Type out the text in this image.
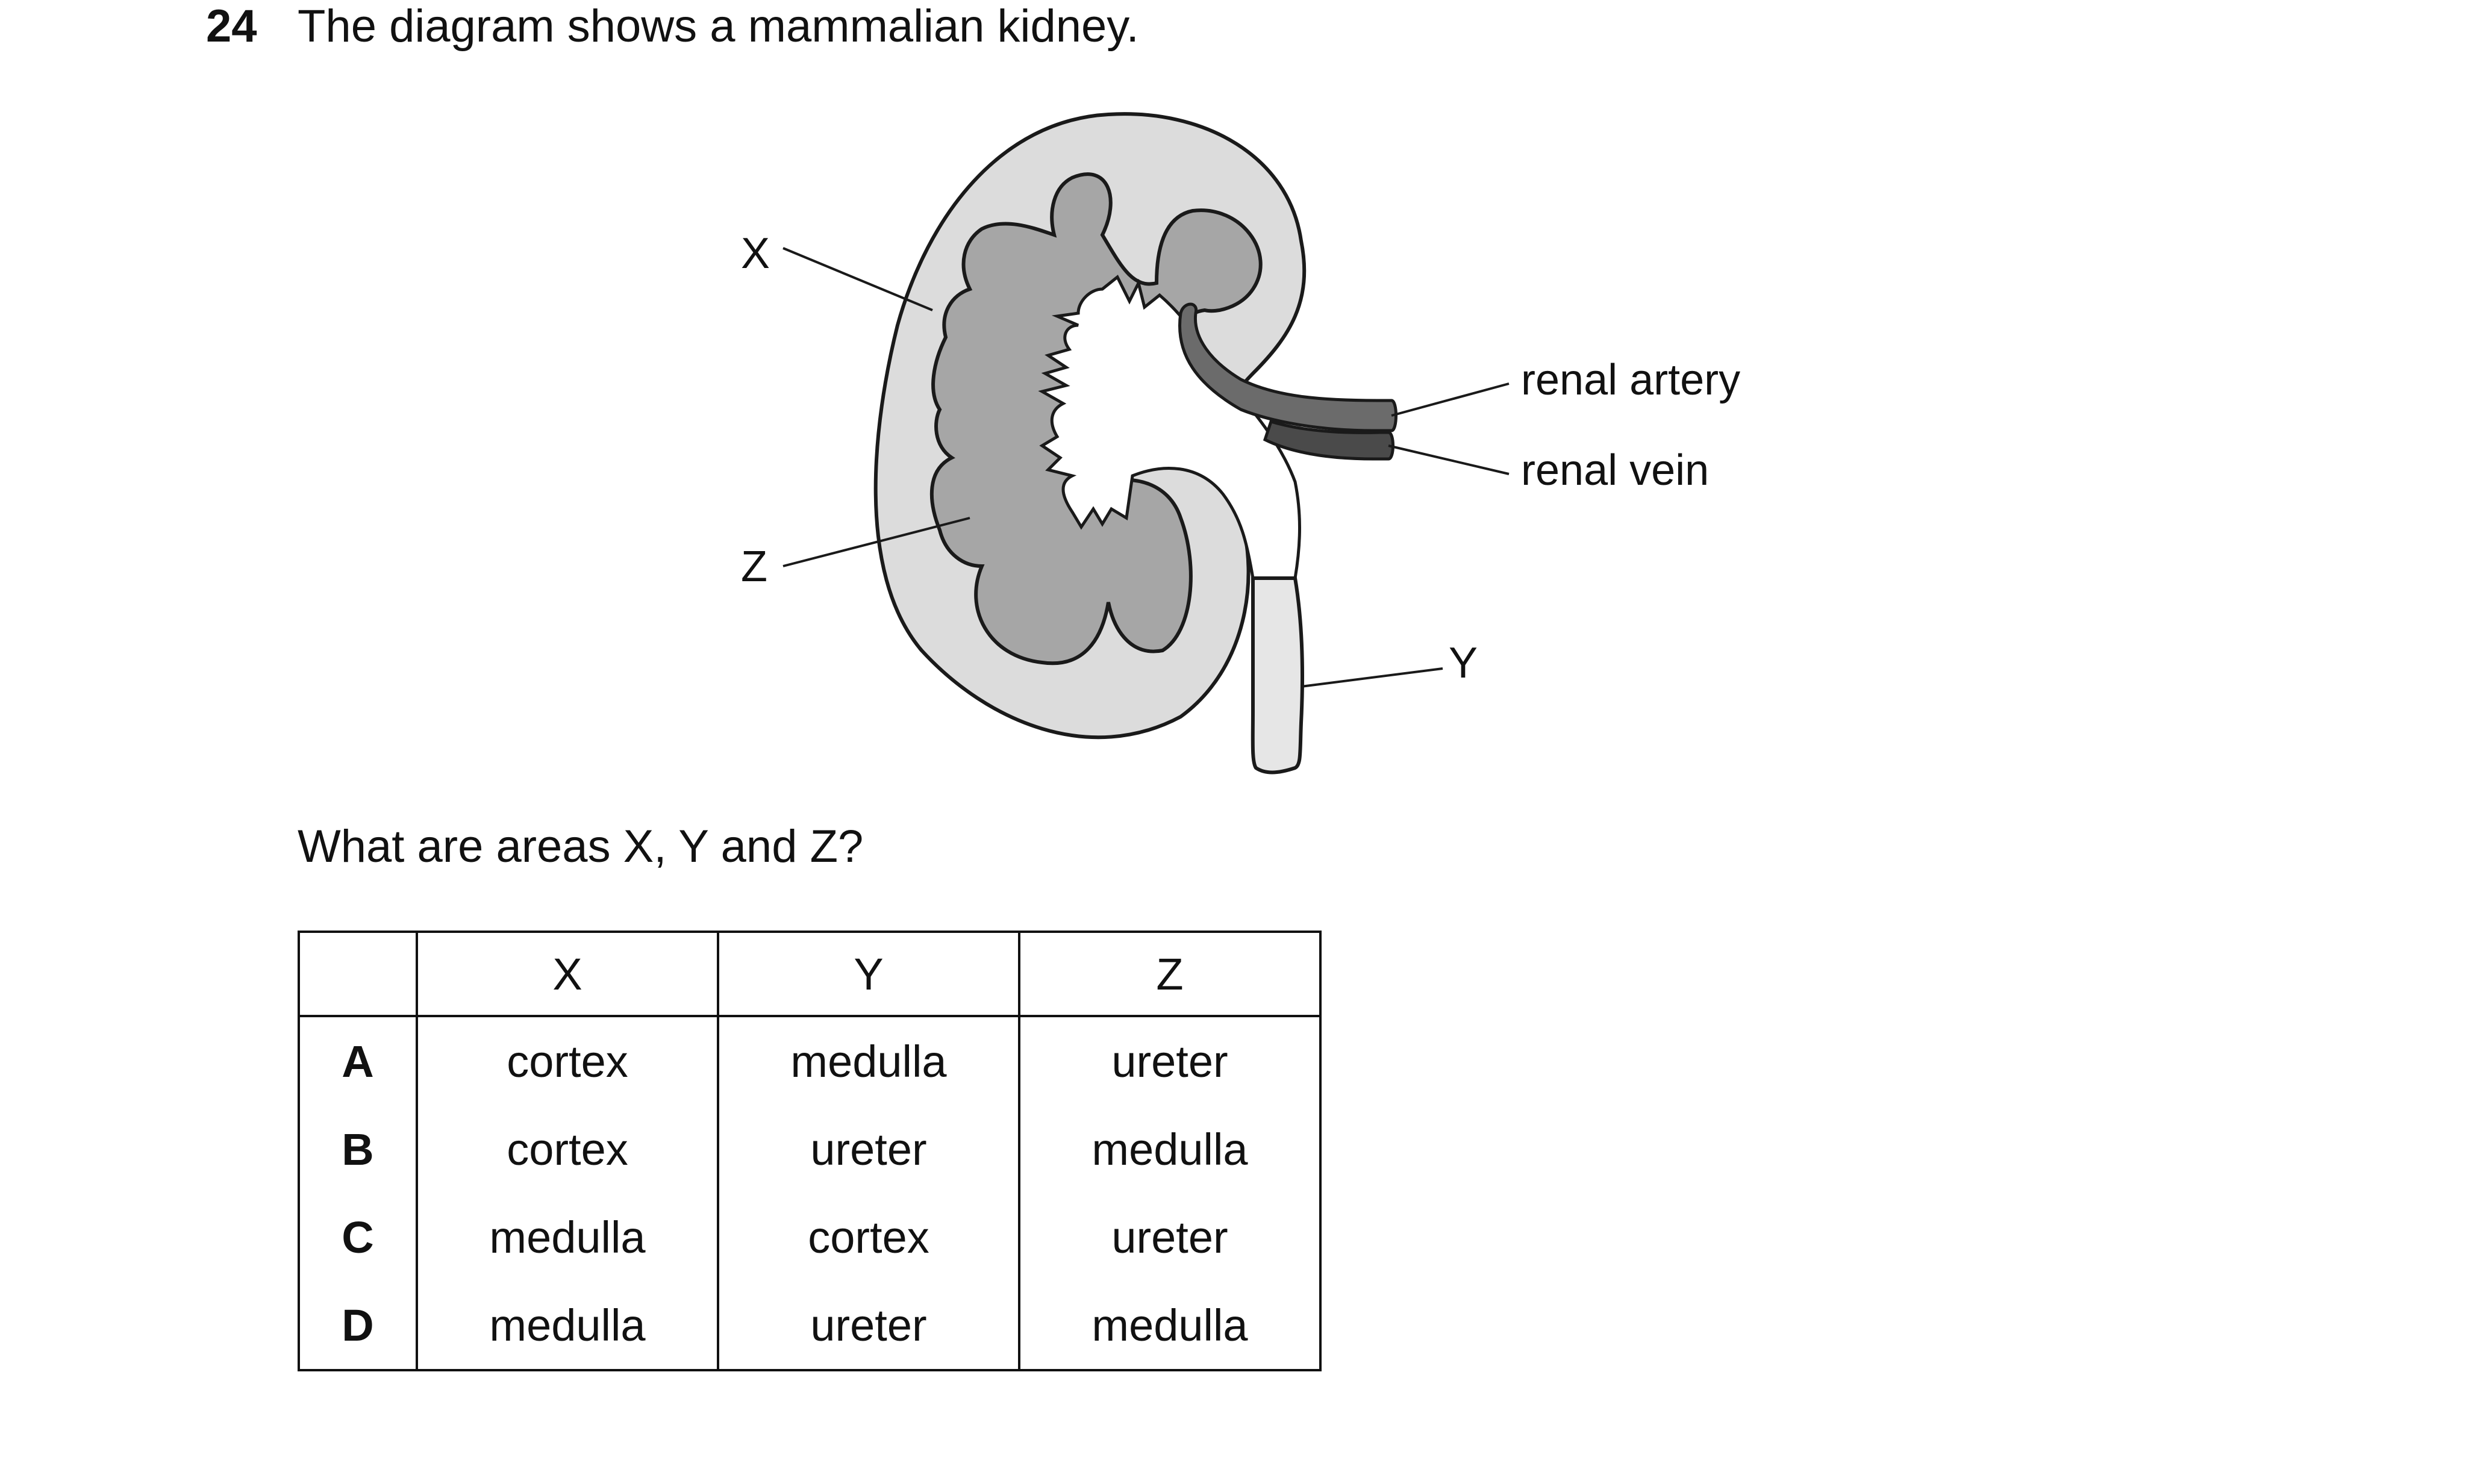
24 The diagram shows a mammalian kidney.
X
Z
Y
renal artery
renal vein
What are areas X, Y and Z?
	X	Y	Z
A	cortex	medulla	ureter
B	cortex	ureter	medulla
C	medulla	cortex	ureter
D	medulla	ureter	medulla
